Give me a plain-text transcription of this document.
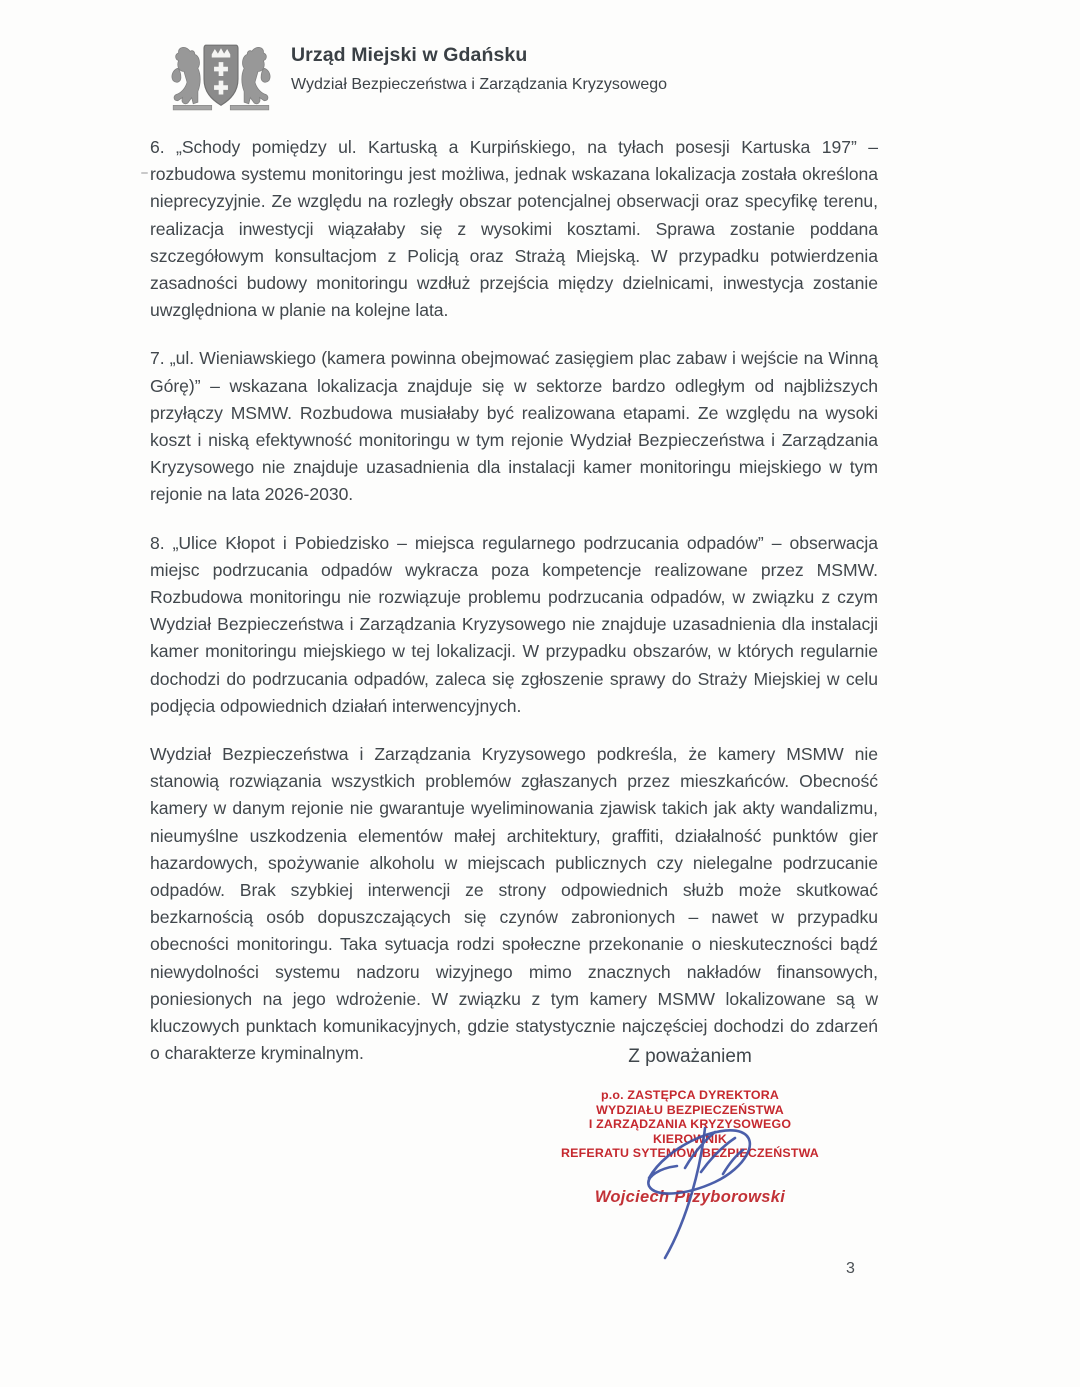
Urząd Miejski w Gdańsku
Wydział Bezpieczeństwa i Zarządzania Kryzysowego

6. „Schody pomiędzy ul. Kartuską a Kurpińskiego, na tyłach posesji Kartuska 197” – rozbudowa systemu monitoringu jest możliwa, jednak wskazana lokalizacja została określona nieprecyzyjnie. Ze względu na rozległy obszar potencjalnej obserwacji oraz specyfikę terenu, realizacja inwestycji wiązałaby się z wysokimi kosztami. Sprawa zostanie poddana szczegółowym konsultacjom z Policją oraz Strażą Miejską. W przypadku potwierdzenia zasadności budowy monitoringu wzdłuż przejścia między dzielnicami, inwestycja zostanie uwzględniona w planie na kolejne lata.

7. „ul. Wieniawskiego (kamera powinna obejmować zasięgiem plac zabaw i wejście na Winną Górę)” – wskazana lokalizacja znajduje się w sektorze bardzo odległym od najbliższych przyłączy MSMW. Rozbudowa musiałaby być realizowana etapami. Ze względu na wysoki koszt i niską efektywność monitoringu w tym rejonie Wydział Bezpieczeństwa i Zarządzania Kryzysowego nie znajduje uzasadnienia dla instalacji kamer monitoringu miejskiego w tym rejonie na lata 2026-2030.

8. „Ulice Kłopot i Pobiedzisko – miejsca regularnego podrzucania odpadów” – obserwacja miejsc podrzucania odpadów wykracza poza kompetencje realizowane przez MSMW. Rozbudowa monitoringu nie rozwiązuje problemu podrzucania odpadów, w związku z czym Wydział Bezpieczeństwa i Zarządzania Kryzysowego nie znajduje uzasadnienia dla instalacji kamer monitoringu miejskiego w tej lokalizacji. W przypadku obszarów, w których regularnie dochodzi do podrzucania odpadów, zaleca się zgłoszenie sprawy do Straży Miejskiej w celu podjęcia odpowiednich działań interwencyjnych.

Wydział Bezpieczeństwa i Zarządzania Kryzysowego podkreśla, że kamery MSMW nie stanowią rozwiązania wszystkich problemów zgłaszanych przez mieszkańców. Obecność kamery w danym rejonie nie gwarantuje wyeliminowania zjawisk takich jak akty wandalizmu, nieumyślne uszkodzenia elementów małej architektury, graffiti, działalność punktów gier hazardowych, spożywanie alkoholu w miejscach publicznych czy nielegalne podrzucanie odpadów. Brak szybkiej interwencji ze strony odpowiednich służb może skutkować bezkarnością osób dopuszczających się czynów zabronionych – nawet w przypadku obecności monitoringu. Taka sytuacja rodzi społeczne przekonanie o nieskuteczności bądź niewydolności systemu nadzoru wizyjnego mimo znacznych nakładów finansowych, poniesionych na jego wdrożenie. W związku z tym kamery MSMW lokalizowane są w kluczowych punktach komunikacyjnych, gdzie statystycznie najczęściej dochodzi do zdarzeń o charakterze kryminalnym.	Z poważaniem
p.o. ZASTĘPCA DYREKTORA
WYDZIAŁU BEZPIECZEŃSTWA
I ZARZĄDZANIA KRYZYSOWEGO
KIEROWNIK
REFERATU SYTEMÓW BEZPIECZEŃSTWA
Wojciech Przyborowski
3
